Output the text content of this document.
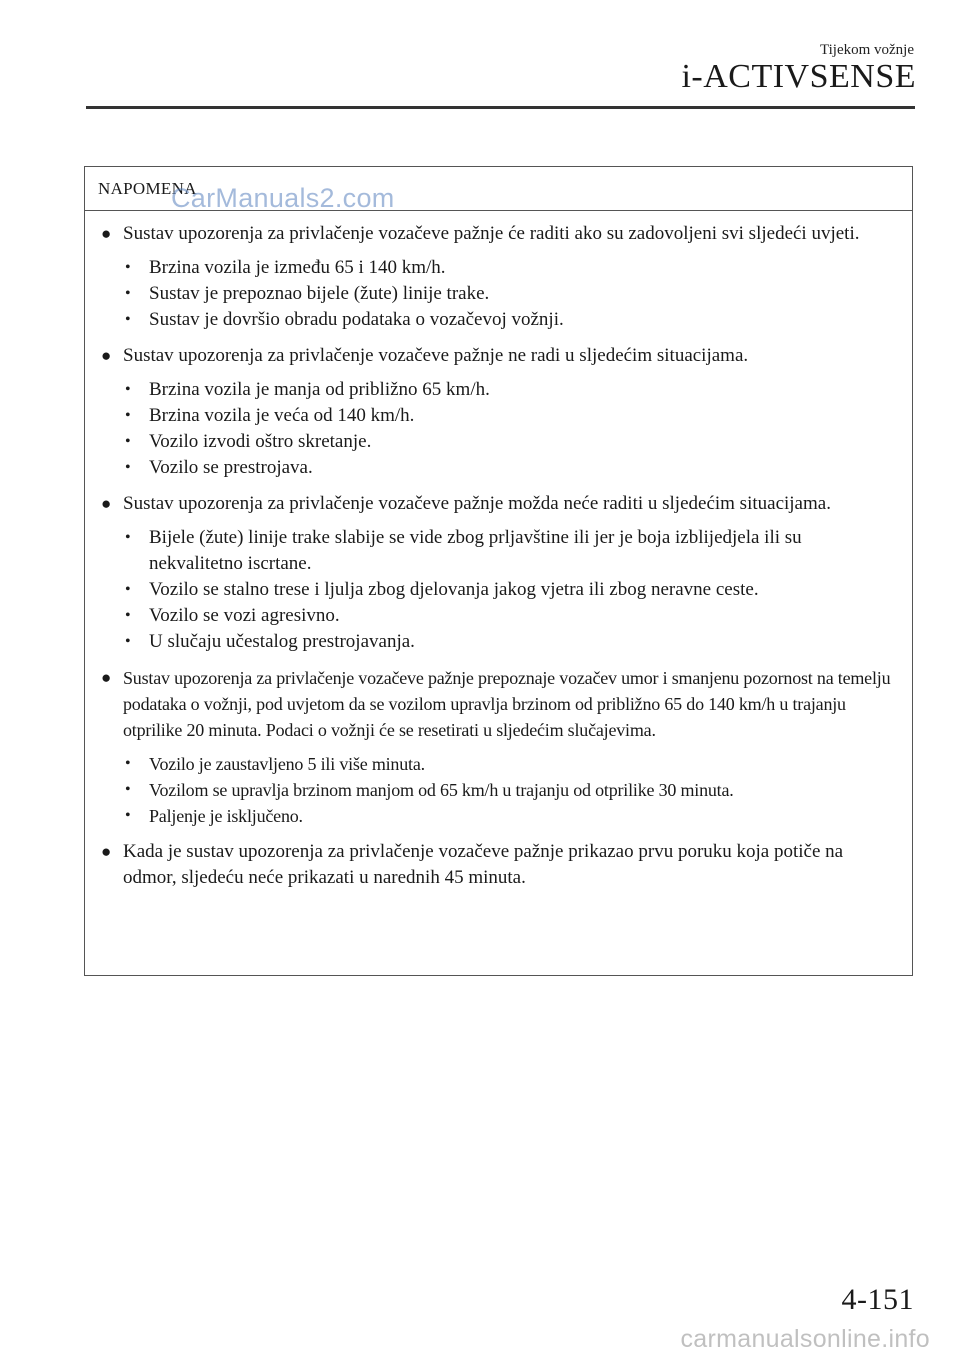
Tijekom vožnje
i-ACTIVSENSE
NAPOMENA
CarManuals2.com
● Sustav upozorenja za privlačenje vozačeve pažnje će raditi ako su zadovoljeni svi sljedeći uvjeti.
• Brzina vozila je između 65 i 140 km/h.
• Sustav je prepoznao bijele (žute) linije trake.
• Sustav je dovršio obradu podataka o vozačevoj vožnji.
● Sustav upozorenja za privlačenje vozačeve pažnje ne radi u sljedećim situacijama.
• Brzina vozila je manja od približno 65 km/h.
• Brzina vozila je veća od 140 km/h.
• Vozilo izvodi oštro skretanje.
• Vozilo se prestrojava.
● Sustav upozorenja za privlačenje vozačeve pažnje možda neće raditi u sljedećim situacijama.
• Bijele (žute) linije trake slabije se vide zbog prljavštine ili jer je boja izblijedjela ili su nekvalitetno iscrtane.
• Vozilo se stalno trese i ljulja zbog djelovanja jakog vjetra ili zbog neravne ceste.
• Vozilo se vozi agresivno.
• U slučaju učestalog prestrojavanja.
● Sustav upozorenja za privlačenje vozačeve pažnje prepoznaje vozačev umor i smanjenu pozornost na temelju podataka o vožnji, pod uvjetom da se vozilom upravlja brzinom od približno 65 do 140 km/h u trajanju otprilike 20 minuta. Podaci o vožnji će se resetirati u sljedećim slučajevima.
• Vozilo je zaustavljeno 5 ili više minuta.
• Vozilom se upravlja brzinom manjom od 65 km/h u trajanju od otprilike 30 minuta.
• Paljenje je isključeno.
● Kada je sustav upozorenja za privlačenje vozačeve pažnje prikazao prvu poruku koja potiče na odmor, sljedeću neće prikazati u narednih 45 minuta.
4-151
carmanualsonline.info
